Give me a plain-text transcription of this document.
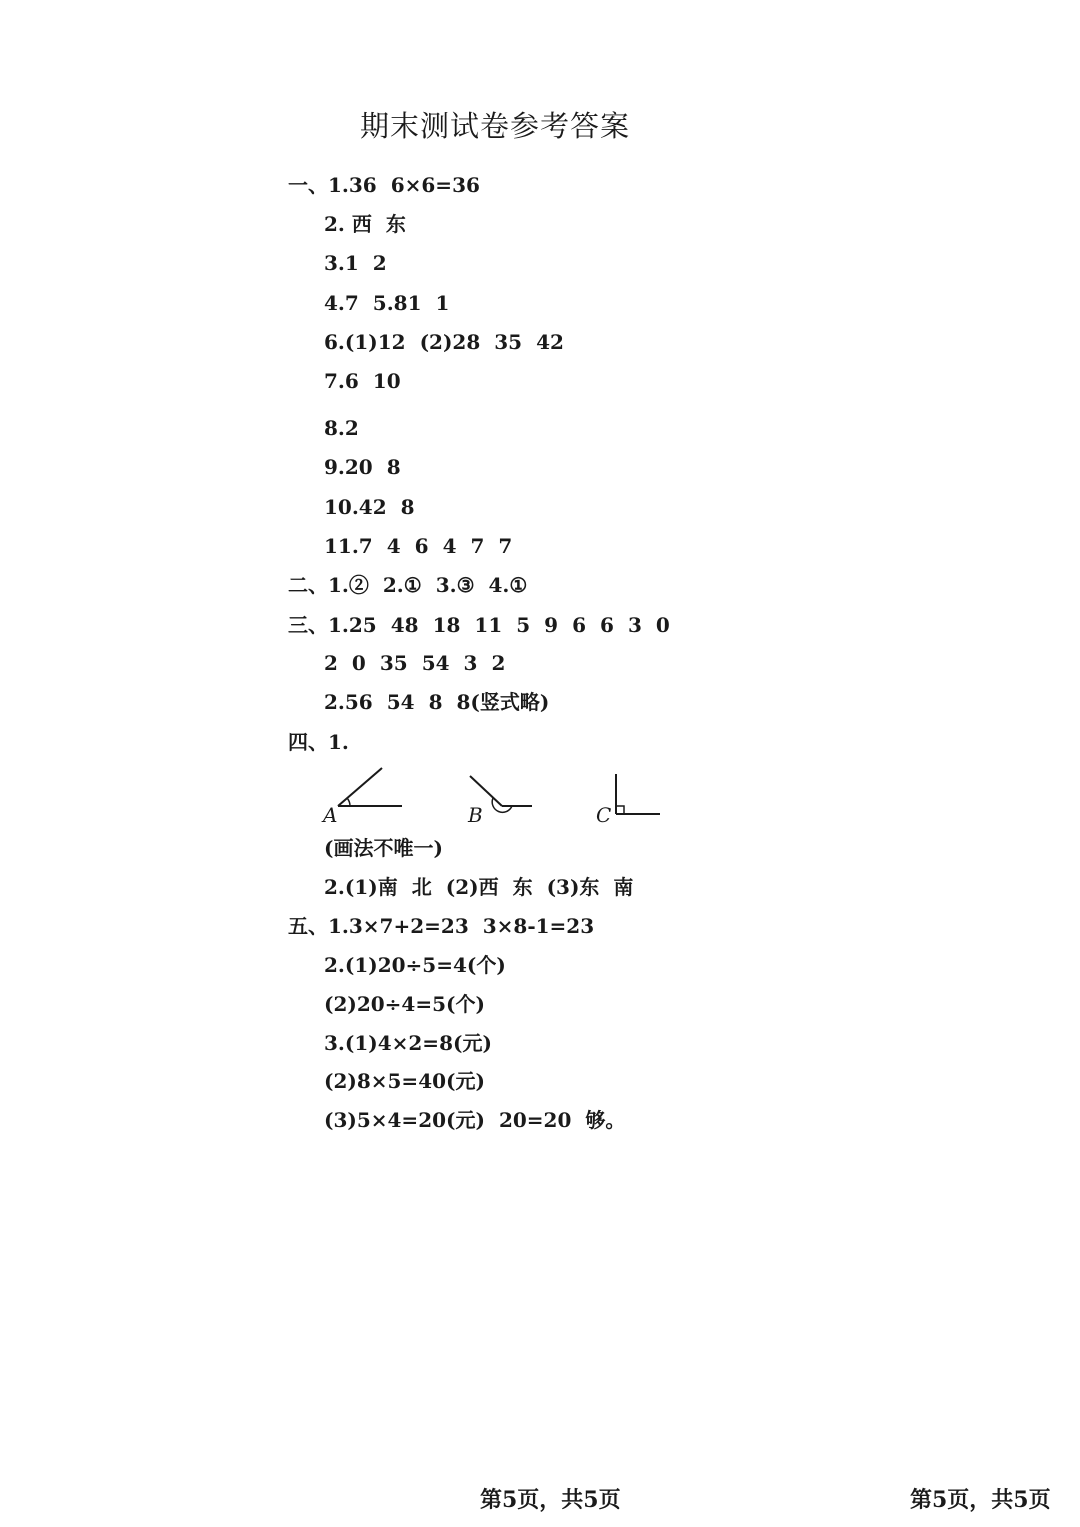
期末测试卷参考答案
一、1.36 6×6=36
2. 西 东
3.1 2
4.7 5.81 1
6.(1)12 (2)28 35 42
7.6 10
8.2
9.20 8
10.42 8
11.7 4 6 4 7 7
二、1.② 2.① 3.③ 4.①
三、1.25 48 18 11 5 9 6 6 3 0
2 0 35 54 3 2
2.56 54 8 8(竖式略)
四、1.
(画法不唯一)
2.(1)南 北 (2)西 东 (3)东 南
五、1.3×7+2=23 3×8-1=23
2.(1)20÷5=4(个)
(2)20÷4=5(个)
3.(1)4×2=8(元)
(2)8×5=40(元)
(3)5×4=20(元) 20=20 够。
A	B	C
第5页，共5页	第5页，共5页
